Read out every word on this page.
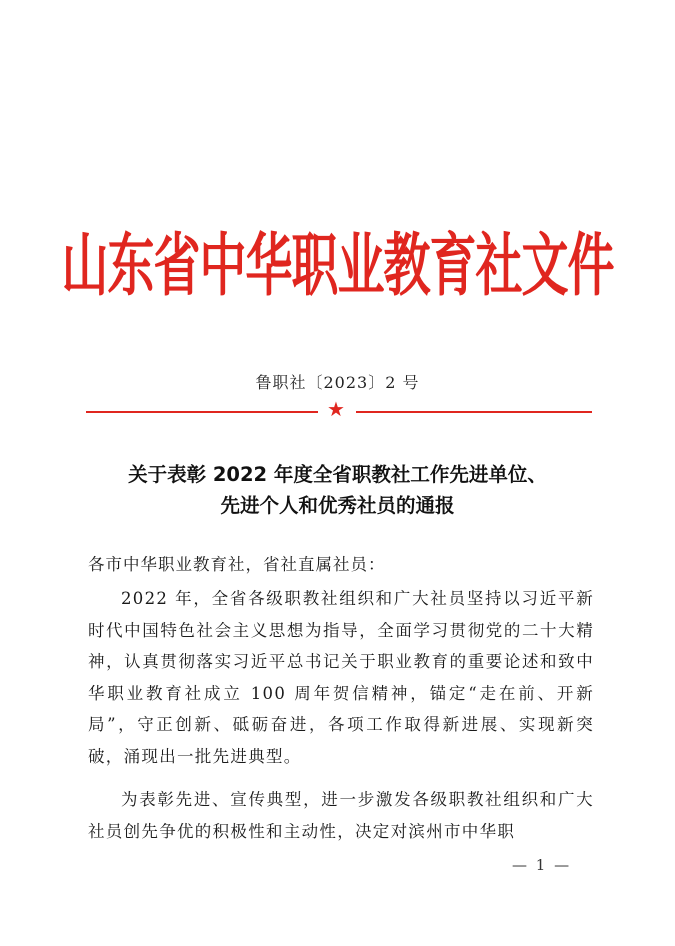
山东省中华职业教育社文件
鲁职社〔2023〕2 号
★
关于表彰 2022 年度全省职教社工作先进单位、
先进个人和优秀社员的通报
各市中华职业教育社，省社直属社员：
2022 年，全省各级职教社组织和广大社员坚持以习近平新时代中国特色社会主义思想为指导，全面学习贯彻党的二十大精神，认真贯彻落实习近平总书记关于职业教育的重要论述和致中华职业教育社成立 100 周年贺信精神，锚定“走在前、开新局”，守正创新、砥砺奋进，各项工作取得新进展、实现新突破，涌现出一批先进典型。
为表彰先进、宣传典型，进一步激发各级职教社组织和广大社员创先争优的积极性和主动性，决定对滨州市中华职
— 1 —
